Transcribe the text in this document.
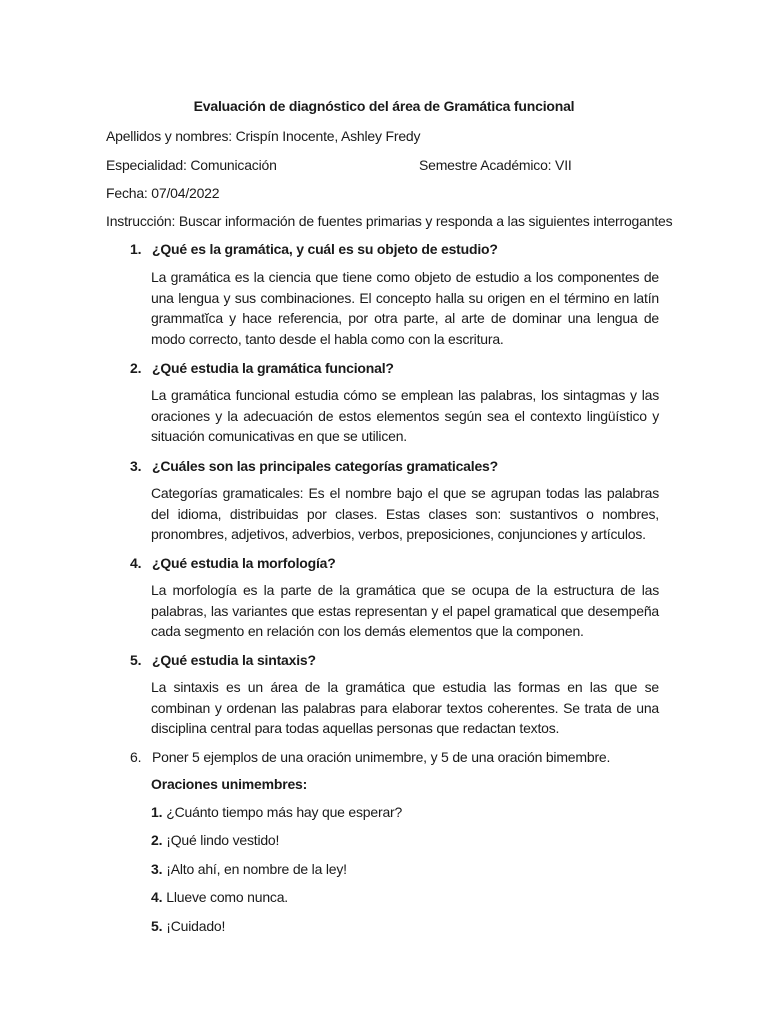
Evaluación de diagnóstico del área de Gramática funcional
Apellidos y nombres: Crispín Inocente, Ashley Fredy
Especialidad: Comunicación	Semestre Académico: VII
Fecha: 07/04/2022
Instrucción: Buscar información de fuentes primarias y responda a las siguientes interrogantes
1. ¿Qué es la gramática, y cuál es su objeto de estudio?
La gramática es la ciencia que tiene como objeto de estudio a los componentes de una lengua y sus combinaciones. El concepto halla su origen en el término en latín grammatĭca y hace referencia, por otra parte, al arte de dominar una lengua de modo correcto, tanto desde el habla como con la escritura.
2. ¿Qué estudia la gramática funcional?
La gramática funcional estudia cómo se emplean las palabras, los sintagmas y las oraciones y la adecuación de estos elementos según sea el contexto lingüístico y situación comunicativas en que se utilicen.
3. ¿Cuáles son las principales categorías gramaticales?
Categorías gramaticales: Es el nombre bajo el que se agrupan todas las palabras del idioma, distribuidas por clases. Estas clases son: sustantivos o nombres, pronombres, adjetivos, adverbios, verbos, preposiciones, conjunciones y artículos.
4. ¿Qué estudia la morfología?
La morfología es la parte de la gramática que se ocupa de la estructura de las palabras, las variantes que estas representan y el papel gramatical que desempeña cada segmento en relación con los demás elementos que la componen.
5. ¿Qué estudia la sintaxis?
La sintaxis es un área de la gramática que estudia las formas en las que se combinan y ordenan las palabras para elaborar textos coherentes. Se trata de una disciplina central para todas aquellas personas que redactan textos.
6. Poner 5 ejemplos de una oración unimembre, y 5 de una oración bimembre.
Oraciones unimembres:
1. ¿Cuánto tiempo más hay que esperar?
2. ¡Qué lindo vestido!
3. ¡Alto ahí, en nombre de la ley!
4. Llueve como nunca.
5. ¡Cuidado!
